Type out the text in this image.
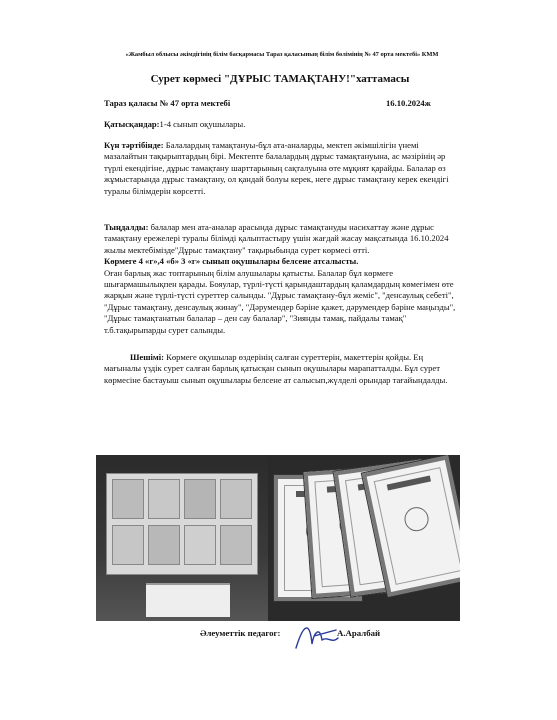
«Жамбыл облысы әкімдігінің білім басқармасы Тараз қаласының білім бөлімінің № 47 орта мектебі» КММ
Сурет көрмесі "ДҰРЫС ТАМАҚТАНУ!"хаттамасы
Тараз қаласы № 47 орта мектебі	16.10.2024ж
Қатысқандар:1-4 сынып оқушылары.
Күн тәртібінде: Балалардың тамақтануы-бұл ата-аналарды, мектеп әкімшілігін үнемі мазалайтын тақырыптардың бірі. Мектепте балалардың дұрыс тамақтануына, ас мәзірінің әр түрлі екендігіне, дұрыс тамақтану шарттарының сақталуына өте мұқият қарайды. Балалар өз жұмыстарында дұрыс тамақтану, ол қандай болуы керек, неге дұрыс тамақтану керек екендігі туралы білімдерін көрсетті.
Тыңдалды: балалар мен ата-аналар арасында дұрыс тамақтануды насихаттау және дұрыс тамақтану ережелері туралы білімді қалыптастыру үшін жағдай жасау мақсатында 16.10.2024 жылы мектебімізде"Дұрыс тамақтану" тақырыбында сурет көрмесі өтті.
Көрмеге 4 «г»,4 «б» 3 «г» сынып оқушылары белсене атсалысты.
Оған барлық жас топтарының білім алушылары қатысты. Балалар бұл көрмеге шығармашылықпен қарады. Бояулар, түрлі-түсті қарындаштардың қаламдардың көмегімен өте жарқын және түрлі-түсті суреттер салынды. "Дұрыс тамақтану-бұл жемic", "денсаулық себеті", "Дұрыс тамақтану, денсаулық жинау", "Дәрумендер бәріне қажет, дәрумендер бәріне маңызды", "Дұрыс тамақтанатын балалар – ден сау балалар", "Зиянды тамақ, пайдалы тамақ" т.б.тақырыпарды сурет салынды.
Шешімі: Көрмеге оқушылар өздерінің салған суреттерін, макеттерін қойды. Ең мағыналы үздік сурет салған барлық қатысқан сынып оқушылары марапатталды. Бұл сурет көрмесіне бастауыш сынып оқушылары белсене ат салысып,жүлделі орындар тағайындалды.
Әлеуметтік педагог:	А.Аралбай
